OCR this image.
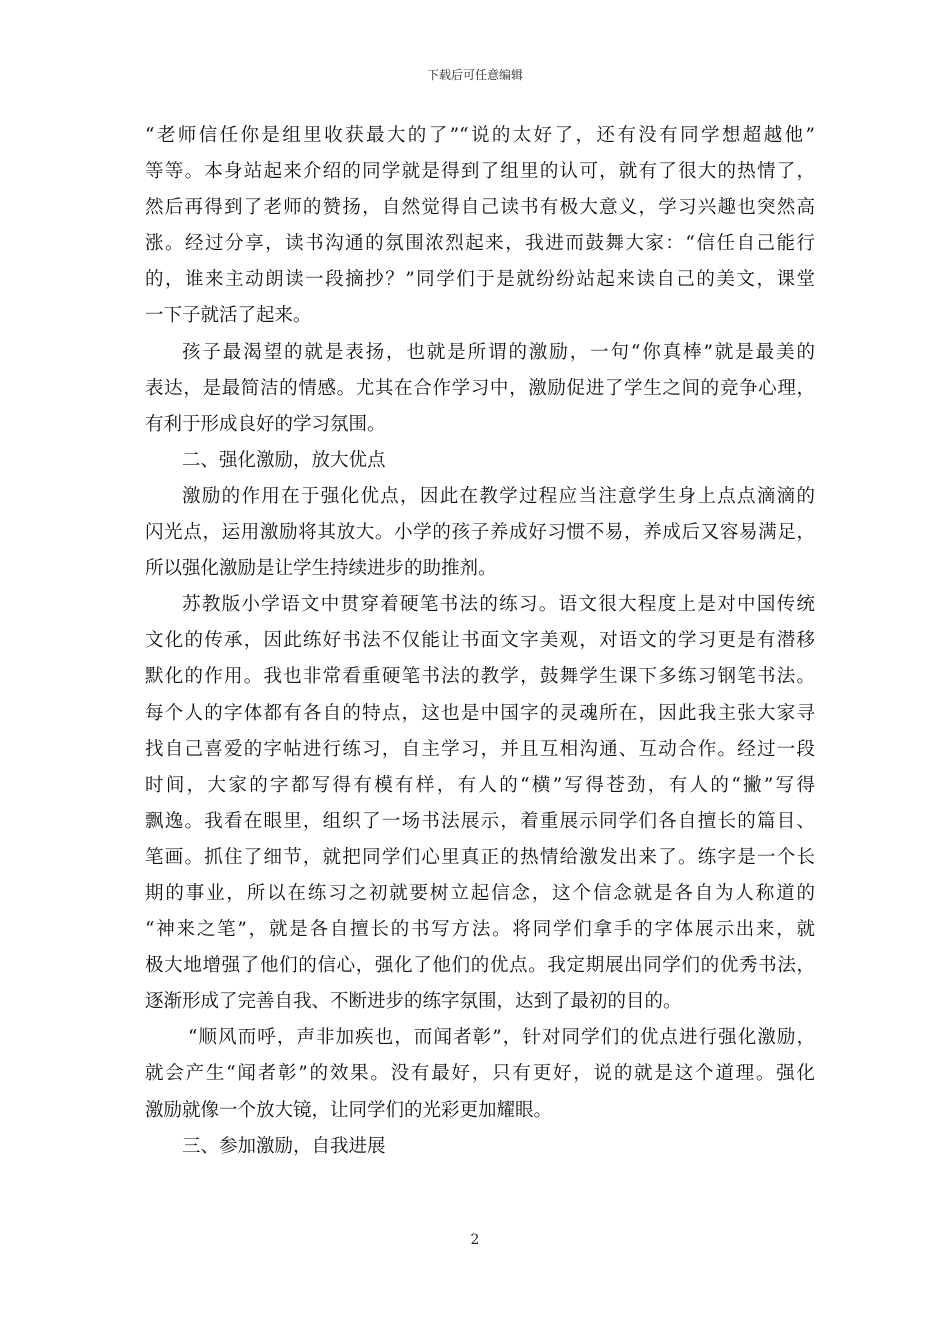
下载后可任意编辑
“老师信任你是组里收获最大的了”“说的太好了，还有没有同学想超越他”
等等。本身站起来介绍的同学就是得到了组里的认可，就有了很大的热情了，
然后再得到了老师的赞扬，自然觉得自己读书有极大意义，学习兴趣也突然高
涨。经过分享，读书沟通的氛围浓烈起来，我进而鼓舞大家：“信任自己能行
的，谁来主动朗读一段摘抄？”同学们于是就纷纷站起来读自己的美文，课堂
一下子就活了起来。
孩子最渴望的就是表扬，也就是所谓的激励，一句“你真棒”就是最美的
表达，是最简洁的情感。尤其在合作学习中，激励促进了学生之间的竞争心理，
有利于形成良好的学习氛围。
二、强化激励，放大优点
激励的作用在于强化优点，因此在教学过程应当注意学生身上点点滴滴的
闪光点，运用激励将其放大。小学的孩子养成好习惯不易，养成后又容易满足，
所以强化激励是让学生持续进步的助推剂。
苏教版小学语文中贯穿着硬笔书法的练习。语文很大程度上是对中国传统
文化的传承，因此练好书法不仅能让书面文字美观，对语文的学习更是有潜移
默化的作用。我也非常看重硬笔书法的教学，鼓舞学生课下多练习钢笔书法。
每个人的字体都有各自的特点，这也是中国字的灵魂所在，因此我主张大家寻
找自己喜爱的字帖进行练习，自主学习，并且互相沟通、互动合作。经过一段
时间，大家的字都写得有模有样，有人的“横”写得苍劲，有人的“撇”写得
飘逸。我看在眼里，组织了一场书法展示，着重展示同学们各自擅长的篇目、
笔画。抓住了细节，就把同学们心里真正的热情给激发出来了。练字是一个长
期的事业，所以在练习之初就要树立起信念，这个信念就是各自为人称道的
“神来之笔”，就是各自擅长的书写方法。将同学们拿手的字体展示出来，就
极大地增强了他们的信心，强化了他们的优点。我定期展出同学们的优秀书法，
逐渐形成了完善自我、不断进步的练字氛围，达到了最初的目的。
“顺风而呼，声非加疾也，而闻者彰”，针对同学们的优点进行强化激励，
就会产生“闻者彰”的效果。没有最好，只有更好，说的就是这个道理。强化
激励就像一个放大镜，让同学们的光彩更加耀眼。
三、参加激励，自我进展
2
